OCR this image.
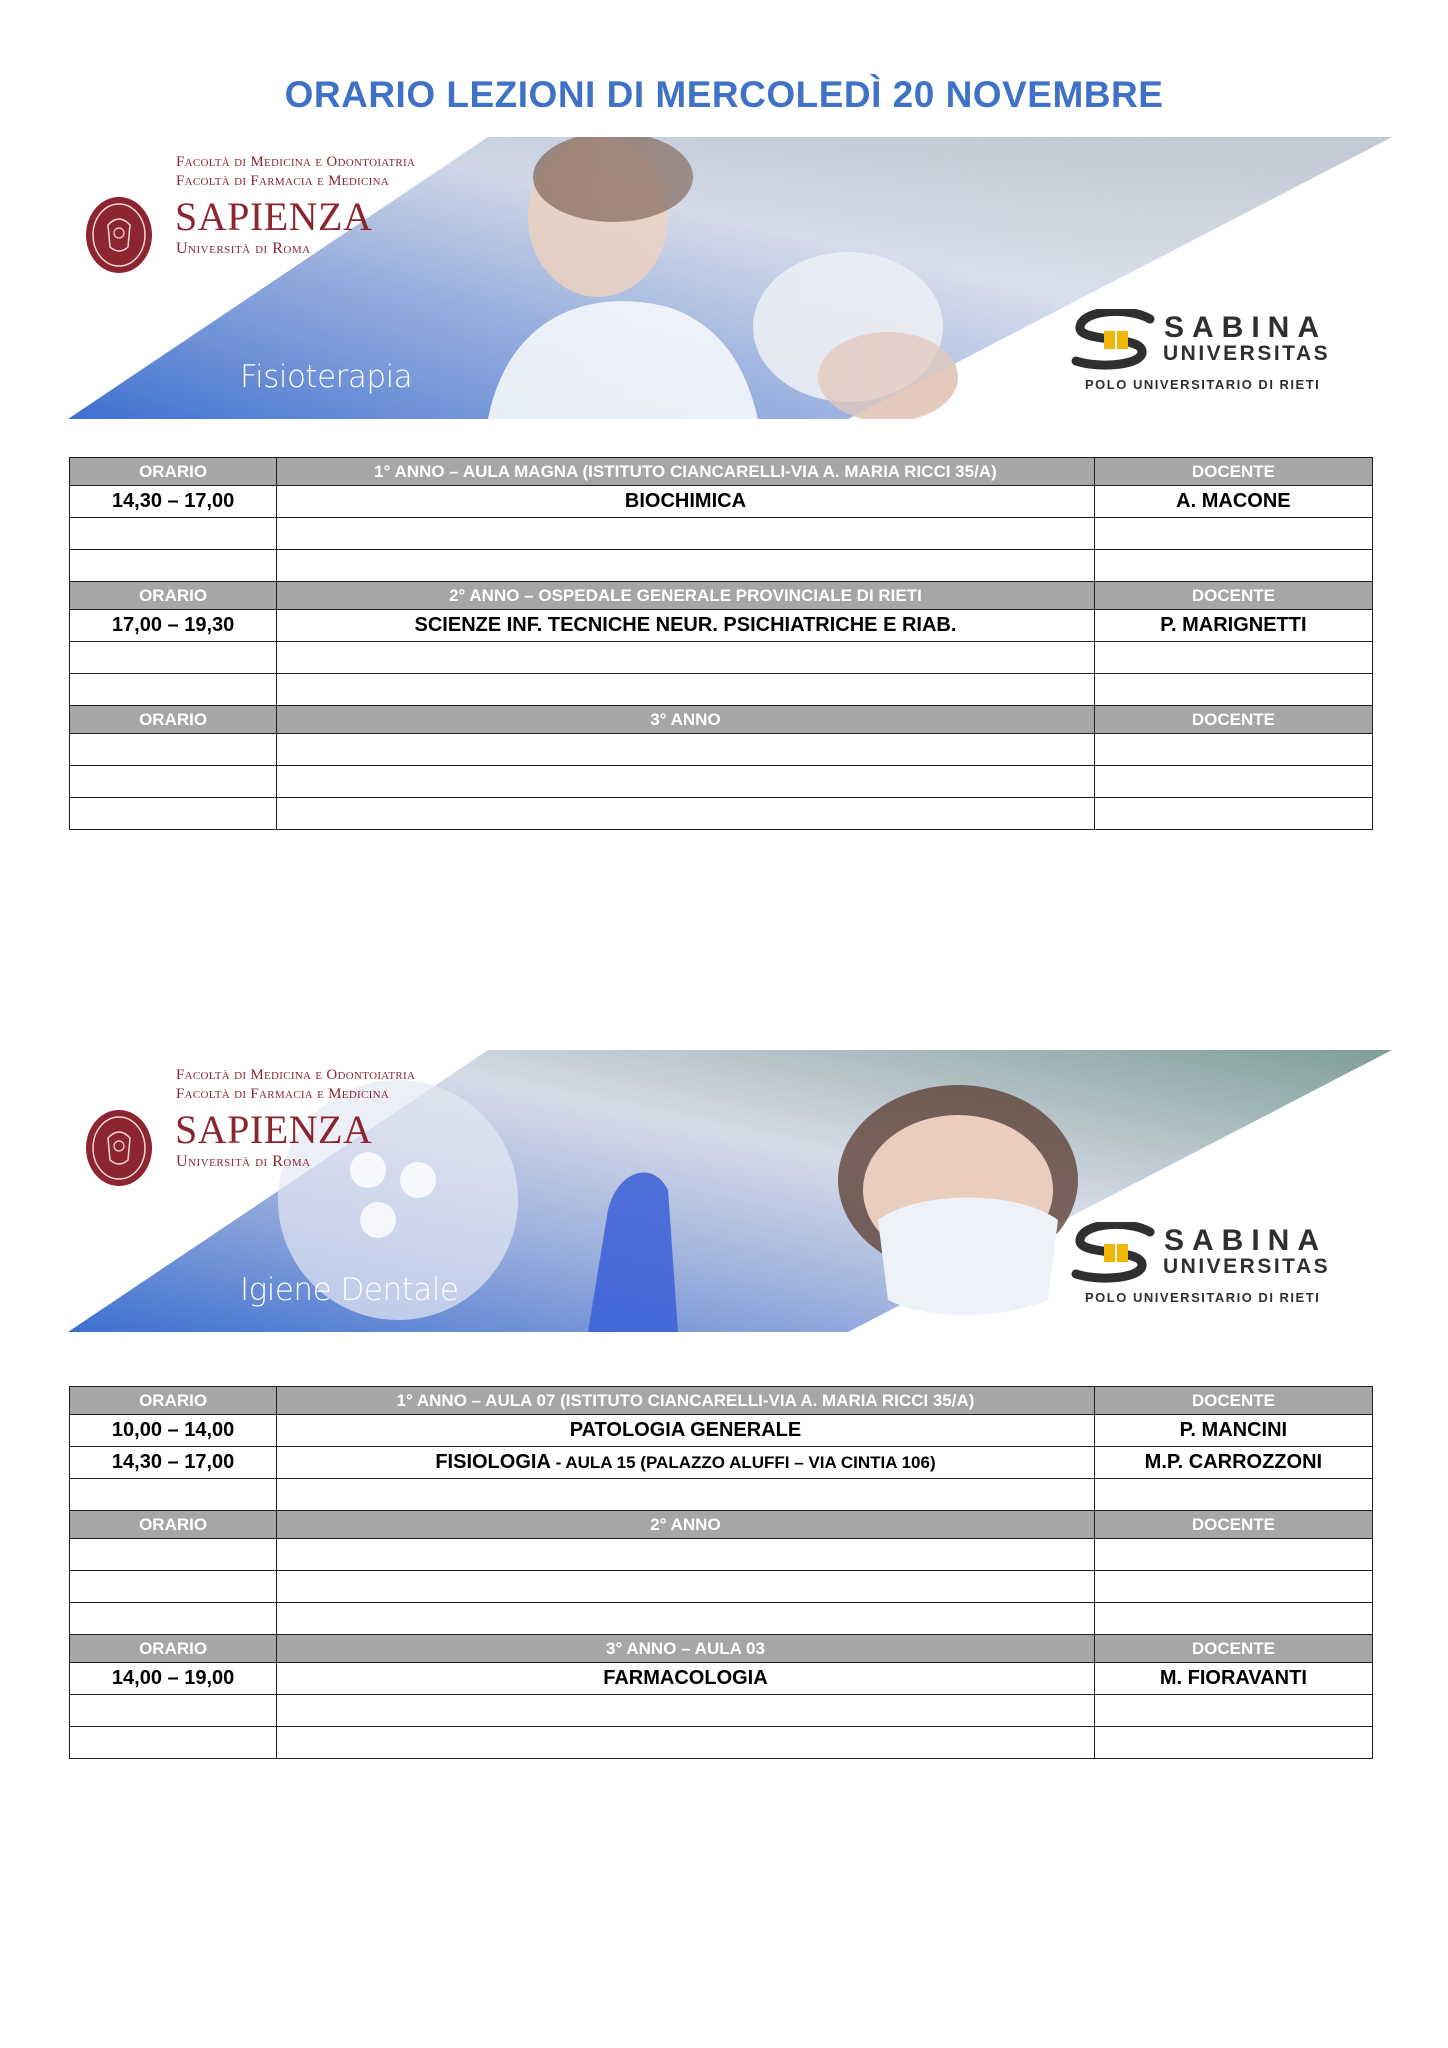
ORARIO LEZIONI DI MERCOLEDÌ 20 NOVEMBRE
Facoltà di Medicina e Odontoiatria
Facoltà di Farmacia e Medicina
SAPIENZA
Università di Roma
Fisioterapia
SABINA
UNIVERSITAS
POLO UNIVERSITARIO DI RIETI
ORARIO	1° ANNO – AULA MAGNA (ISTITUTO CIANCARELLI-VIA A. MARIA RICCI 35/A)	DOCENTE
14,30 – 17,00	BIOCHIMICA	A. MACONE

ORARIO	2° ANNO – OSPEDALE GENERALE PROVINCIALE DI RIETI	DOCENTE
17,00 – 19,30	SCIENZE INF. TECNICHE NEUR. PSICHIATRICHE E RIAB.	P. MARIGNETTI

ORARIO	3° ANNO	DOCENTE

Facoltà di Medicina e Odontoiatria
Facoltà di Farmacia e Medicina
SAPIENZA
Università di Roma
Igiene Dentale
SABINA
UNIVERSITAS
POLO UNIVERSITARIO DI RIETI
ORARIO	1° ANNO – AULA 07 (ISTITUTO CIANCARELLI-VIA A. MARIA RICCI 35/A)	DOCENTE
10,00 – 14,00	PATOLOGIA GENERALE	P. MANCINI
14,30 – 17,00	FISIOLOGIA - AULA 15 (PALAZZO ALUFFI – VIA CINTIA 106)	M.P. CARROZZONI

ORARIO	2° ANNO	DOCENTE

ORARIO	3° ANNO – AULA 03	DOCENTE
14,00 – 19,00	FARMACOLOGIA	M. FIORAVANTI
